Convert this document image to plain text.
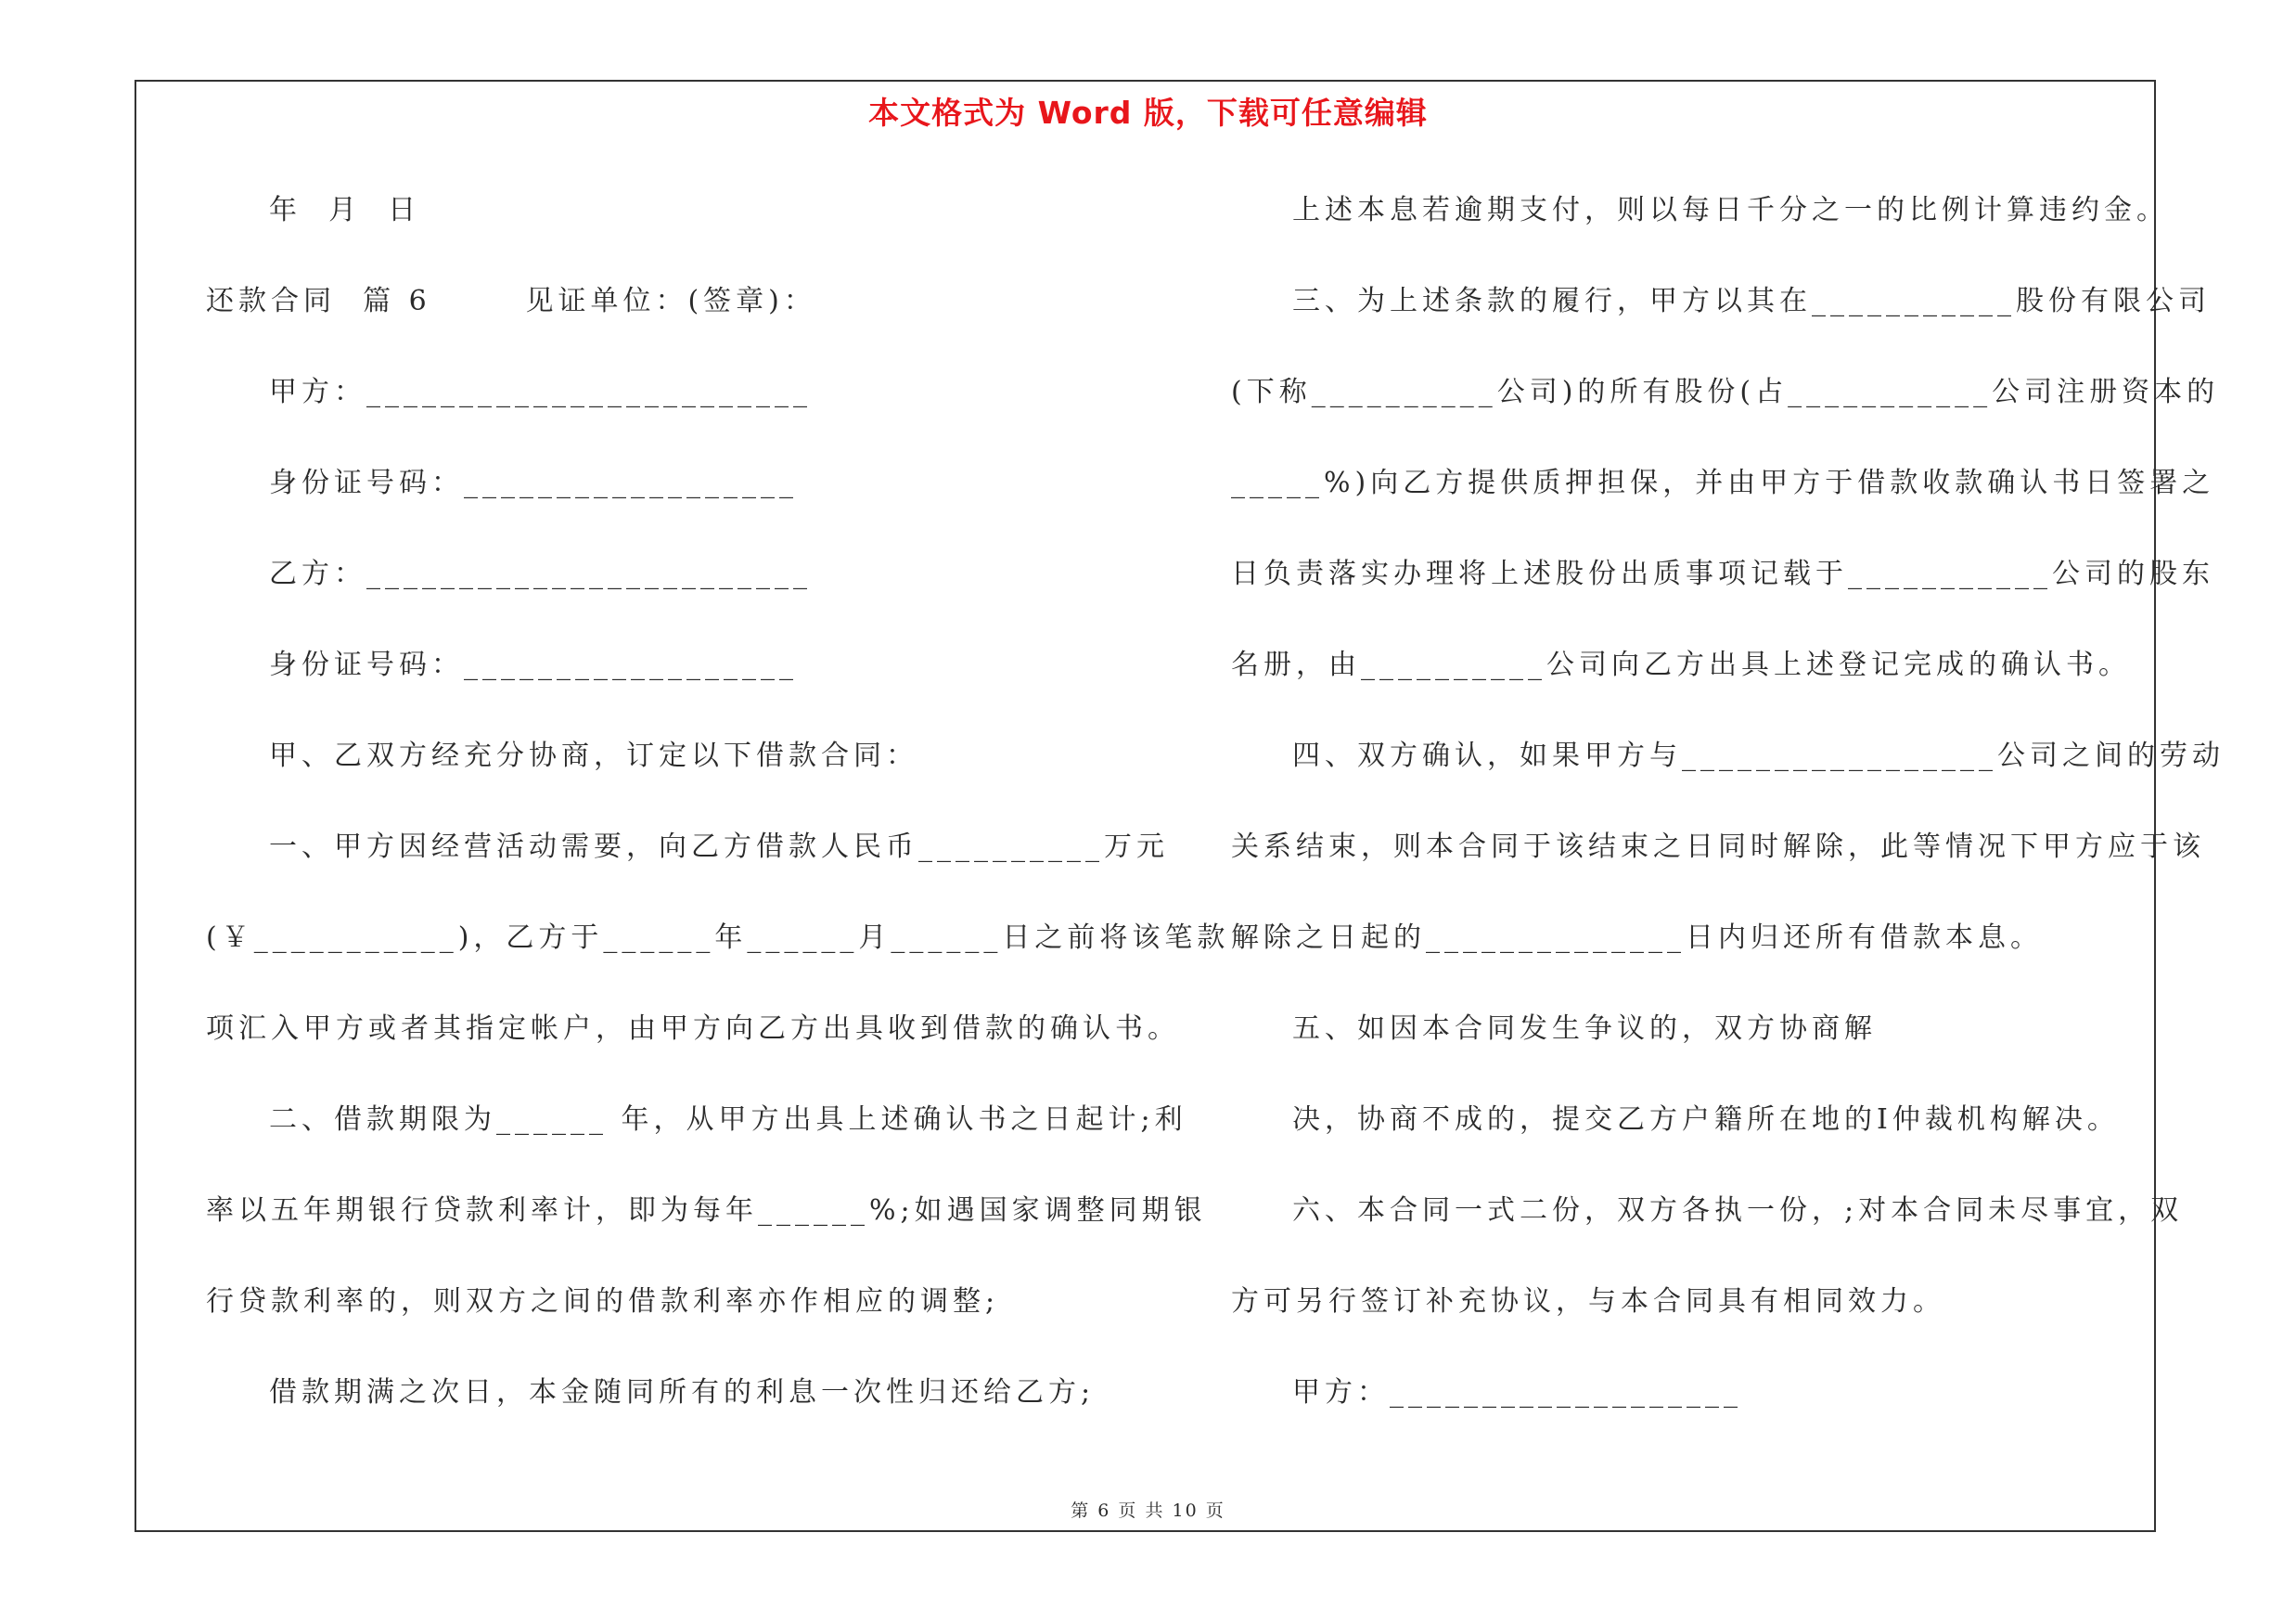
本文格式为 Word 版，下载可任意编辑
年  月  日
还款合同  篇 6       见证单位：(签章)：
甲方：________________________
身份证号码：__________________
乙方：________________________
身份证号码：__________________
甲、乙双方经充分协商，订定以下借款合同：
一、甲方因经营活动需要，向乙方借款人民币__________万元
(￥___________)，乙方于______年______月______日之前将该笔款
项汇入甲方或者其指定帐户，由甲方向乙方出具收到借款的确认书。
二、借款期限为______ 年，从甲方出具上述确认书之日起计;利
率以五年期银行贷款利率计，即为每年______%;如遇国家调整同期银
行贷款利率的，则双方之间的借款利率亦作相应的调整;
借款期满之次日，本金随同所有的利息一次性归还给乙方;
上述本息若逾期支付，则以每日千分之一的比例计算违约金。
三、为上述条款的履行，甲方以其在___________股份有限公司
(下称__________公司)的所有股份(占___________公司注册资本的
_____%)向乙方提供质押担保，并由甲方于借款收款确认书日签署之
日负责落实办理将上述股份出质事项记载于___________公司的股东
名册，由__________公司向乙方出具上述登记完成的确认书。
四、双方确认，如果甲方与_________________公司之间的劳动
关系结束，则本合同于该结束之日同时解除，此等情况下甲方应于该
解除之日起的______________日内归还所有借款本息。
五、如因本合同发生争议的，双方协商解
决，协商不成的，提交乙方户籍所在地的Ⅰ仲裁机构解决。
六、本合同一式二份，双方各执一份，;对本合同未尽事宜，双
方可另行签订补充协议，与本合同具有相同效力。
甲方：___________________
第 6 页 共 10 页
